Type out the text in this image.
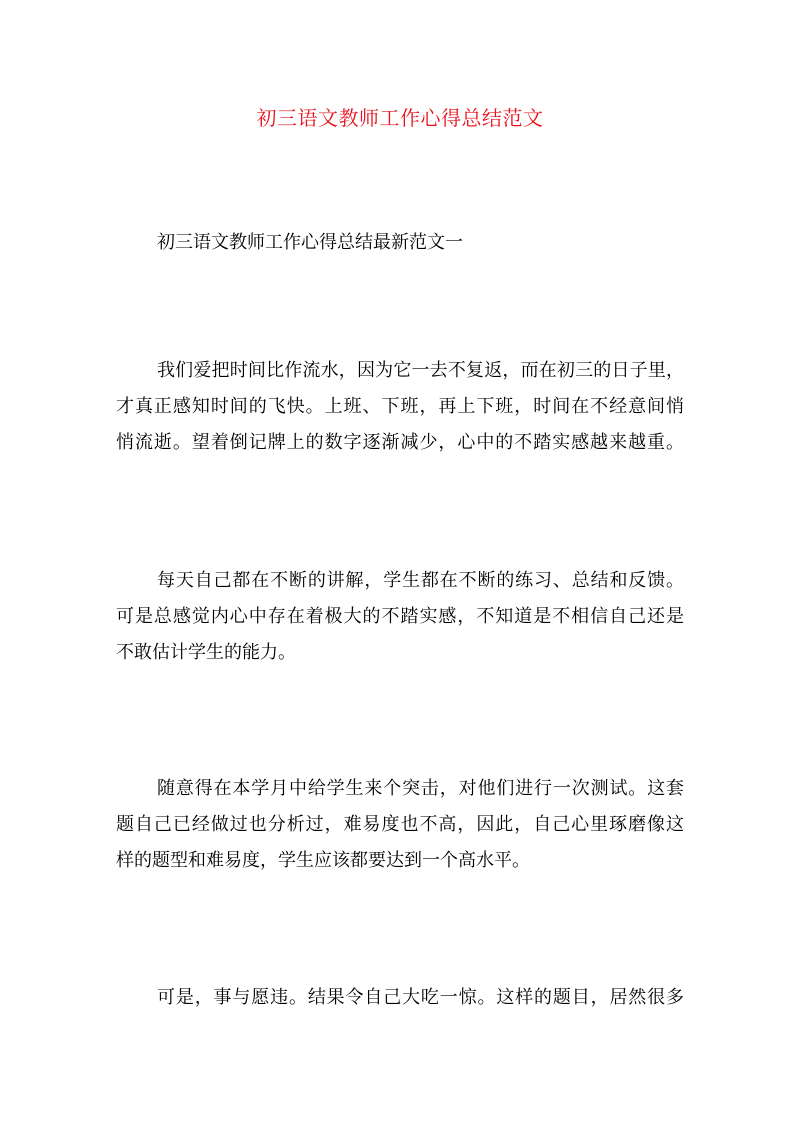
初三语文教师工作心得总结范文

初三语文教师工作心得总结最新范文一

我们爱把时间比作流水，因为它一去不复返，而在初三的日子里，
才真正感知时间的飞快。上班、下班，再上下班，时间在不经意间悄
悄流逝。望着倒记牌上的数字逐渐减少，心中的不踏实感越来越重。
每天自己都在不断的讲解，学生都在不断的练习、总结和反馈。
可是总感觉内心中存在着极大的不踏实感，不知道是不相信自己还是
不敢估计学生的能力。
随意得在本学月中给学生来个突击，对他们进行一次测试。这套
题自己已经做过也分析过，难易度也不高，因此，自己心里琢磨像这
样的题型和难易度，学生应该都要达到一个高水平。
可是，事与愿违。结果令自己大吃一惊。这样的题目，居然很多
